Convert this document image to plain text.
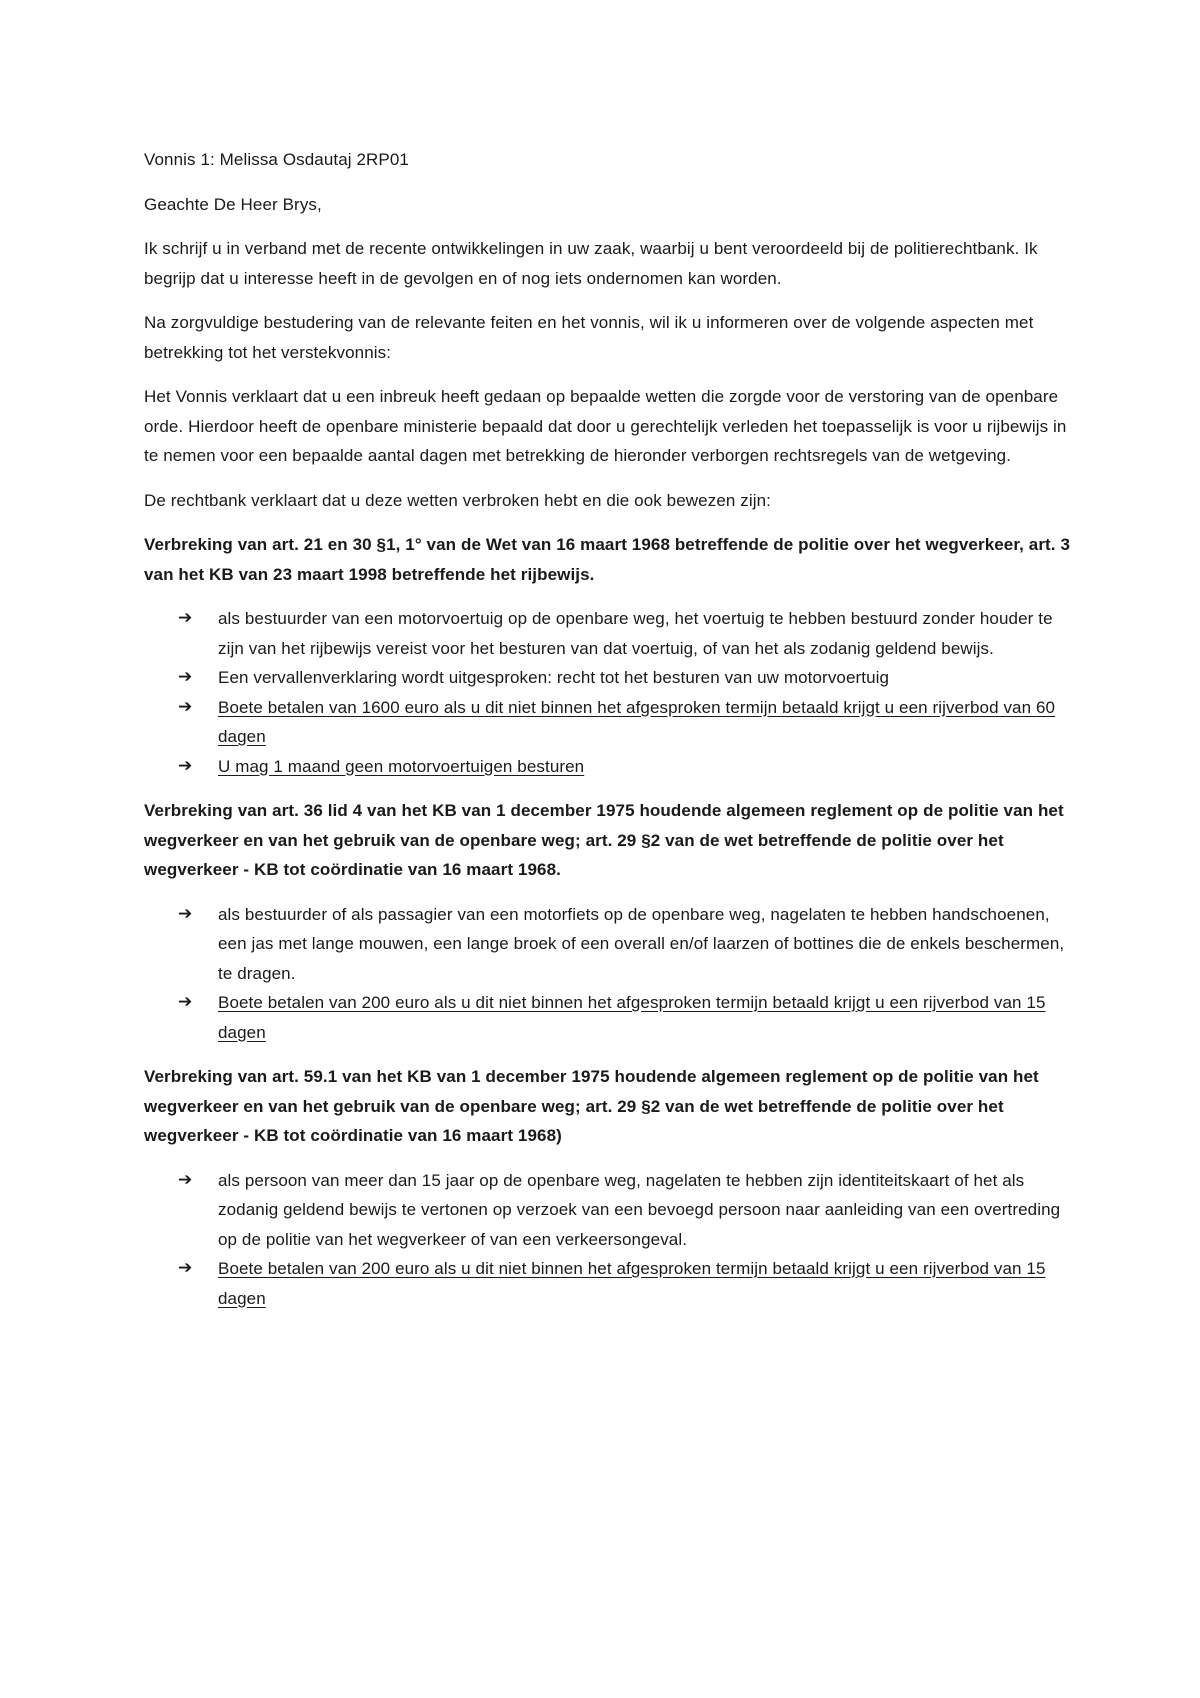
Vonnis 1: Melissa Osdautaj 2RP01

Geachte De Heer Brys,

Ik schrijf u in verband met de recente ontwikkelingen in uw zaak, waarbij u bent veroordeeld bij de politierechtbank. Ik begrijp dat u interesse heeft in de gevolgen en of nog iets ondernomen kan worden.

Na zorgvuldige bestudering van de relevante feiten en het vonnis, wil ik u informeren over de volgende aspecten met betrekking tot het verstekvonnis:

Het Vonnis verklaart dat u een inbreuk heeft gedaan op bepaalde wetten die zorgde voor de verstoring van de openbare orde. Hierdoor heeft de openbare ministerie bepaald dat door u gerechtelijk verleden het toepasselijk is voor u rijbewijs in te nemen voor een bepaalde aantal dagen met betrekking de hieronder verborgen rechtsregels van de wetgeving.

De rechtbank verklaart dat u deze wetten verbroken hebt en die ook bewezen zijn:

Verbreking van art. 21 en 30 §1, 1° van de Wet van 16 maart 1968 betreffende de politie over het wegverkeer, art. 3 van het KB van 23 maart 1998 betreffende het rijbewijs.

➔	als bestuurder van een motorvoertuig op de openbare weg, het voertuig te hebben bestuurd zonder houder te zijn van het rijbewijs vereist voor het besturen van dat voertuig, of van het als zodanig geldend bewijs.
➔	Een vervallenverklaring wordt uitgesproken: recht tot het besturen van uw motorvoertuig
➔	Boete betalen van 1600 euro als u dit niet binnen het afgesproken termijn betaald krijgt u een rijverbod van 60 dagen
➔	U mag 1 maand geen motorvoertuigen besturen

Verbreking van art. 36 lid 4 van het KB van 1 december 1975 houdende algemeen reglement op de politie van het wegverkeer en van het gebruik van de openbare weg; art. 29 §2 van de wet betreffende de politie over het wegverkeer - KB tot coördinatie van 16 maart 1968.

➔	als bestuurder of als passagier van een motorfiets op de openbare weg, nagelaten te hebben handschoenen, een jas met lange mouwen, een lange broek of een overall en/of laarzen of bottines die de enkels beschermen, te dragen.
➔	Boete betalen van 200 euro als u dit niet binnen het afgesproken termijn betaald krijgt u een rijverbod van 15 dagen

Verbreking van art. 59.1 van het KB van 1 december 1975 houdende algemeen reglement op de politie van het wegverkeer en van het gebruik van de openbare weg; art. 29 §2 van de wet betreffende de politie over het wegverkeer - KB tot coördinatie van 16 maart 1968)

➔	als persoon van meer dan 15 jaar op de openbare weg, nagelaten te hebben zijn identiteitskaart of het als zodanig geldend bewijs te vertonen op verzoek van een bevoegd persoon naar aanleiding van een overtreding op de politie van het wegverkeer of van een verkeersongeval.
➔	Boete betalen van 200 euro als u dit niet binnen het afgesproken termijn betaald krijgt u een rijverbod van 15 dagen
